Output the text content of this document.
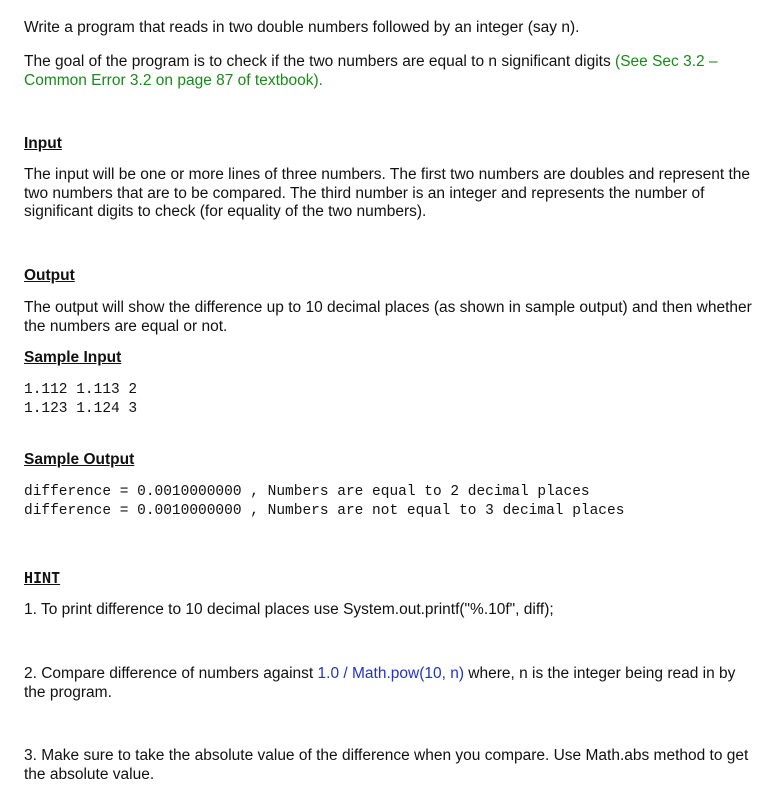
Write a program that reads in two double numbers followed by an integer (say n).

The goal of the program is to check if the two numbers are equal to n significant digits (See Sec 3.2 – Common Error 3.2 on page 87 of textbook).

Input

The input will be one or more lines of three numbers. The first two numbers are doubles and represent the two numbers that are to be compared. The third number is an integer and represents the number of significant digits to check (for equality of the two numbers).

Output

The output will show the difference up to 10 decimal places (as shown in sample output) and then whether the numbers are equal or not.

Sample Input

1.112 1.113 2
1.123 1.124 3

Sample Output

difference = 0.0010000000 , Numbers are equal to 2 decimal places
difference = 0.0010000000 , Numbers are not equal to 3 decimal places

HINT

1. To print difference to 10 decimal places use System.out.printf("%.10f", diff);

2. Compare difference of numbers against 1.0 / Math.pow(10, n) where, n is the integer being read in by the program.

3. Make sure to take the absolute value of the difference when you compare. Use Math.abs method to get the absolute value.
